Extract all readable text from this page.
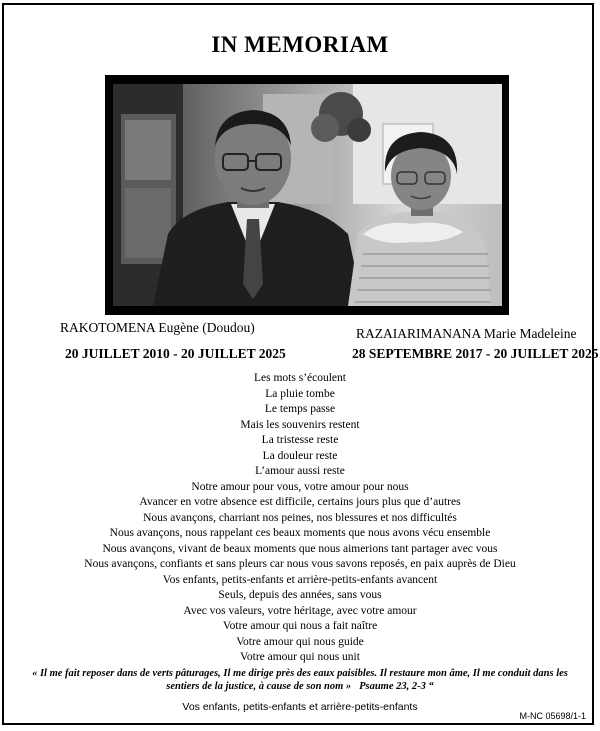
IN MEMORIAM
RAKOTOMENA Eugène (Doudou)
20 JUILLET 2010 - 20 JUILLET 2025
RAZAIARIMANANA Marie Madeleine
28 SEPTEMBRE 2017 - 20 JUILLET 2025
Les mots s’écoulent
La pluie tombe
Le temps passe
Mais les souvenirs restent
La tristesse reste
La douleur reste
L’amour aussi reste
Notre amour pour vous, votre amour pour nous
Avancer en votre absence est difficile, certains jours plus que d’autres
Nous avançons, charriant nos peines, nos blessures et nos difficultés
Nous avançons, nous rappelant ces beaux moments que nous avons vécu ensemble
Nous avançons, vivant de beaux moments que nous aimerions tant partager avec vous
Nous avançons, confiants et sans pleurs car nous vous savons reposés, en paix auprès de Dieu
Vos enfants, petits-enfants et arrière-petits-enfants avancent
Seuls, depuis des années, sans vous
Avec vos valeurs, votre héritage, avec votre amour
Votre amour qui nous a fait naître
Votre amour qui nous guide
Votre amour qui nous unit
« Il me fait reposer dans de verts pâturages, Il me dirige près des eaux paisibles. Il restaure mon âme, Il me conduit dans les sentiers de la justice, à cause de son nom » Psaume 23, 2-3 “
Vos enfants, petits-enfants et arrière-petits-enfants
M-NC 05698/1-1
